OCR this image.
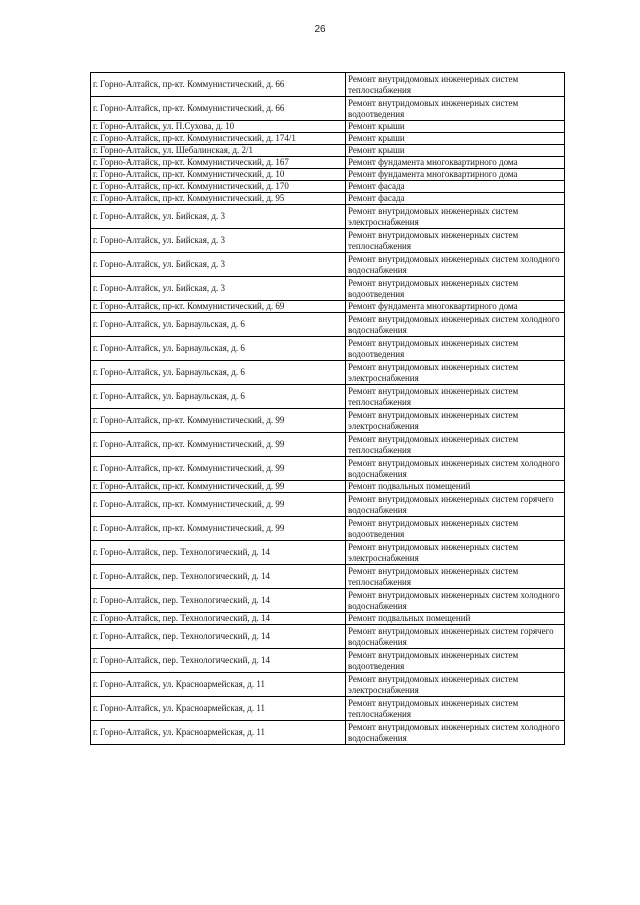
26
г. Горно-Алтайск, пр-кт. Коммунистический, д. 66	Ремонт внутридомовых инженерных систем теплоснабжения
г. Горно-Алтайск, пр-кт. Коммунистический, д. 66	Ремонт внутридомовых инженерных систем водоотведения
г. Горно-Алтайск, ул. П.Сухова, д. 10	Ремонт крыши
г. Горно-Алтайск, пр-кт. Коммунистический, д. 174/1	Ремонт крыши
г. Горно-Алтайск, ул. Шебалинская, д. 2/1	Ремонт крыши
г. Горно-Алтайск, пр-кт. Коммунистический, д. 167	Ремонт фундамента многоквартирного дома
г. Горно-Алтайск, пр-кт. Коммунистический, д. 10	Ремонт фундамента многоквартирного дома
г. Горно-Алтайск, пр-кт. Коммунистический, д. 170	Ремонт фасада
г. Горно-Алтайск, пр-кт. Коммунистический, д. 95	Ремонт фасада
г. Горно-Алтайск, ул. Бийская, д. 3	Ремонт внутридомовых инженерных систем электроснабжения
г. Горно-Алтайск, ул. Бийская, д. 3	Ремонт внутридомовых инженерных систем теплоснабжения
г. Горно-Алтайск, ул. Бийская, д. 3	Ремонт внутридомовых инженерных систем холодного водоснабжения
г. Горно-Алтайск, ул. Бийская, д. 3	Ремонт внутридомовых инженерных систем водоотведения
г. Горно-Алтайск, пр-кт. Коммунистический, д. 69	Ремонт фундамента многоквартирного дома
г. Горно-Алтайск, ул. Барнаульская, д. 6	Ремонт внутридомовых инженерных систем холодного водоснабжения
г. Горно-Алтайск, ул. Барнаульская, д. 6	Ремонт внутридомовых инженерных систем водоотведения
г. Горно-Алтайск, ул. Барнаульская, д. 6	Ремонт внутридомовых инженерных систем электроснабжения
г. Горно-Алтайск, ул. Барнаульская, д. 6	Ремонт внутридомовых инженерных систем теплоснабжения
г. Горно-Алтайск, пр-кт. Коммунистический, д. 99	Ремонт внутридомовых инженерных систем электроснабжения
г. Горно-Алтайск, пр-кт. Коммунистический, д. 99	Ремонт внутридомовых инженерных систем теплоснабжения
г. Горно-Алтайск, пр-кт. Коммунистический, д. 99	Ремонт внутридомовых инженерных систем холодного водоснабжения
г. Горно-Алтайск, пр-кт. Коммунистический, д. 99	Ремонт подвальных помещений
г. Горно-Алтайск, пр-кт. Коммунистический, д. 99	Ремонт внутридомовых инженерных систем горячего водоснабжения
г. Горно-Алтайск, пр-кт. Коммунистический, д. 99	Ремонт внутридомовых инженерных систем водоотведения
г. Горно-Алтайск, пер. Технологический, д. 14	Ремонт внутридомовых инженерных систем электроснабжения
г. Горно-Алтайск, пер. Технологический, д. 14	Ремонт внутридомовых инженерных систем теплоснабжения
г. Горно-Алтайск, пер. Технологический, д. 14	Ремонт внутридомовых инженерных систем холодного водоснабжения
г. Горно-Алтайск, пер. Технологический, д. 14	Ремонт подвальных помещений
г. Горно-Алтайск, пер. Технологический, д. 14	Ремонт внутридомовых инженерных систем горячего водоснабжения
г. Горно-Алтайск, пер. Технологический, д. 14	Ремонт внутридомовых инженерных систем водоотведения
г. Горно-Алтайск, ул. Красноармейская, д. 11	Ремонт внутридомовых инженерных систем электроснабжения
г. Горно-Алтайск, ул. Красноармейская, д. 11	Ремонт внутридомовых инженерных систем теплоснабжения
г. Горно-Алтайск, ул. Красноармейская, д. 11	Ремонт внутридомовых инженерных систем холодного водоснабжения
